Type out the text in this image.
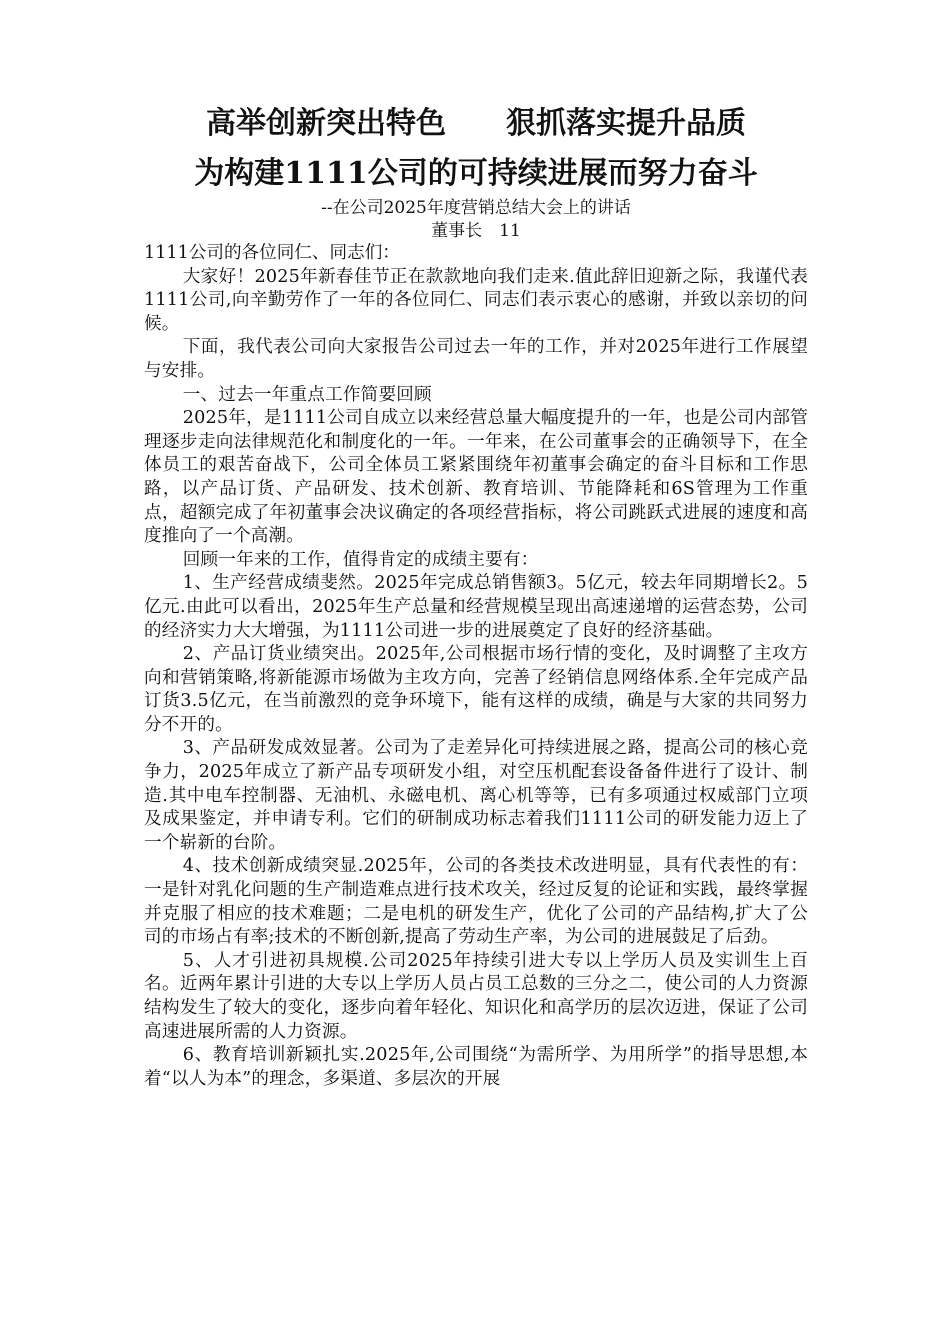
高举创新突出特色　　狠抓落实提升品质
为构建1111公司的可持续进展而努力奋斗

--在公司2025年度营销总结大会上的讲话

董事长　11

1111公司的各位同仁、同志们：

大家好！2025年新春佳节正在款款地向我们走来.值此辞旧迎新之际，我谨代表1111公司,向辛勤劳作了一年的各位同仁、同志们表示衷心的感谢，并致以亲切的问候。

下面，我代表公司向大家报告公司过去一年的工作，并对2025年进行工作展望与安排。

一、过去一年重点工作简要回顾

2025年，是1111公司自成立以来经营总量大幅度提升的一年，也是公司内部管理逐步走向法律规范化和制度化的一年。一年来，在公司董事会的正确领导下，在全体员工的艰苦奋战下，公司全体员工紧紧围绕年初董事会确定的奋斗目标和工作思路，以产品订货、产品研发、技术创新、教育培训、节能降耗和6S管理为工作重点，超额完成了年初董事会决议确定的各项经营指标，将公司跳跃式进展的速度和高度推向了一个高潮。

回顾一年来的工作，值得肯定的成绩主要有：

1、生产经营成绩斐然。2025年完成总销售额3。5亿元，较去年同期增长2。5亿元.由此可以看出，2025年生产总量和经营规模呈现出高速递增的运营态势，公司的经济实力大大增强，为1111公司进一步的进展奠定了良好的经济基础。

2、产品订货业绩突出。2025年,公司根据市场行情的变化，及时调整了主攻方向和营销策略,将新能源市场做为主攻方向，完善了经销信息网络体系.全年完成产品订货3.5亿元，在当前激烈的竞争环境下，能有这样的成绩，确是与大家的共同努力分不开的。

3、产品研发成效显著。公司为了走差异化可持续进展之路，提高公司的核心竞争力，2025年成立了新产品专项研发小组，对空压机配套设备备件进行了设计、制造.其中电车控制器、无油机、永磁电机、离心机等等，已有多项通过权威部门立项及成果鉴定，并申请专利。它们的研制成功标志着我们1111公司的研发能力迈上了一个崭新的台阶。

4、技术创新成绩突显.2025年，公司的各类技术改进明显，具有代表性的有：一是针对乳化问题的生产制造难点进行技术攻关，经过反复的论证和实践，最终掌握并克服了相应的技术难题；二是电机的研发生产，优化了公司的产品结构,扩大了公司的市场占有率;技术的不断创新,提高了劳动生产率，为公司的进展鼓足了后劲。

5、人才引进初具规模.公司2025年持续引进大专以上学历人员及实训生上百名。近两年累计引进的大专以上学历人员占员工总数的三分之二，使公司的人力资源结构发生了较大的变化，逐步向着年轻化、知识化和高学历的层次迈进，保证了公司高速进展所需的人力资源。

6、教育培训新颖扎实.2025年,公司围绕“为需所学、为用所学”的指导思想,本着“以人为本”的理念，多渠道、多层次的开展
